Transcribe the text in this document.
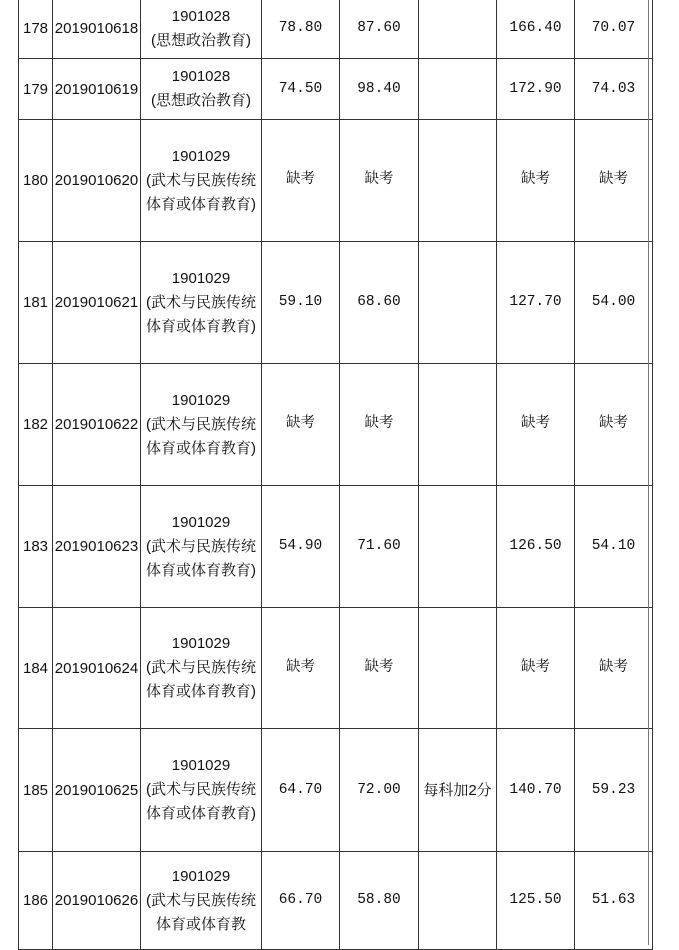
178	2019010618	1901028
(思想政治教育)	78.80	87.60		166.40	70.07
179	2019010619	1901028
(思想政治教育)	74.50	98.40		172.90	74.03
180	2019010620	1901029
(武术与民族传统体育或体育教育)	缺考	缺考		缺考	缺考
181	2019010621	1901029
(武术与民族传统体育或体育教育)	59.10	68.60		127.70	54.00
182	2019010622	1901029
(武术与民族传统体育或体育教育)	缺考	缺考		缺考	缺考
183	2019010623	1901029
(武术与民族传统体育或体育教育)	54.90	71.60		126.50	54.10
184	2019010624	1901029
(武术与民族传统体育或体育教育)	缺考	缺考		缺考	缺考
185	2019010625	1901029
(武术与民族传统体育或体育教育)	64.70	72.00	每科加2分	140.70	59.23
186	2019010626	1901029
(武术与民族传统体育或体育教	66.70	58.80		125.50	51.63
